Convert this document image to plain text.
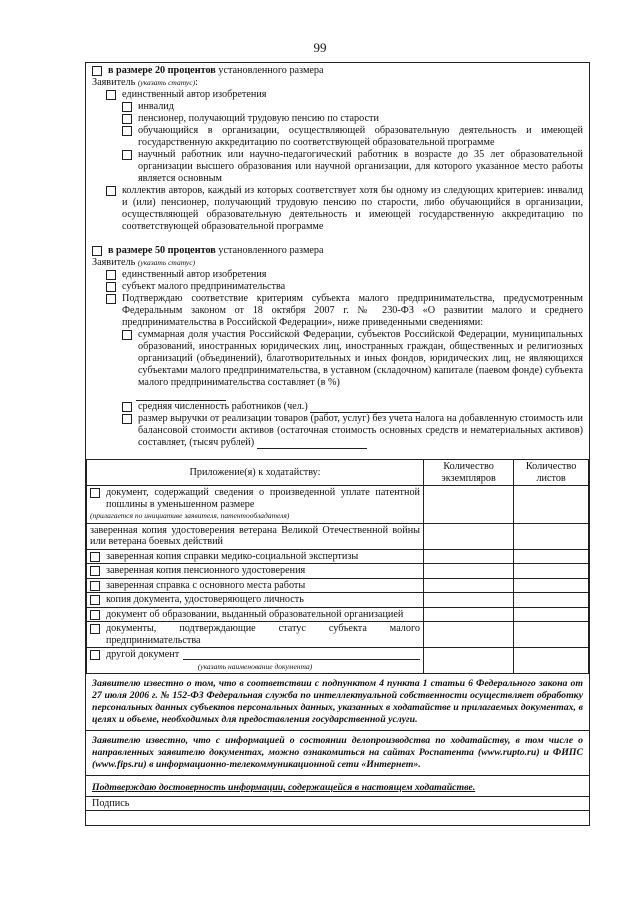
99
в размере 20 процентов установленного размера
Заявитель (указать статус):
единственный автор изобретения
инвалид
пенсионер, получающий трудовую пенсию по старости
обучающийся в организации, осуществляющей образовательную деятельность и имеющей государственную аккредитацию по соответствующей образовательной программе
научный работник или научно-педагогический работник в возрасте до 35 лет образовательной организации высшего образования или научной организации, для которого указанное место работы является основным
коллектив авторов, каждый из которых соответствует хотя бы одному из следующих критериев: инвалид и (или) пенсионер, получающий трудовую пенсию по старости, либо обучающийся в организации, осуществляющей образовательную деятельность и имеющей государственную аккредитацию по соответствующей образовательной программе
в размере 50 процентов установленного размера
Заявитель (указать статус)
единственный автор изобретения
субъект малого предпринимательства
Подтверждаю соответствие критериям субъекта малого предпринимательства, предусмотренным Федеральным законом от 18 октября 2007 г. № 230-ФЗ «О развитии малого и среднего предпринимательства в Российской Федерации», ниже приведенными сведениями:
суммарная доля участия Российской Федерации, субъектов Российской Федерации, муниципальных образований, иностранных юридических лиц, иностранных граждан, общественных и религиозных организаций (объединений), благотворительных и иных фондов, юридических лиц, не являющихся субъектами малого предпринимательства, в уставном (складочном) капитале (паевом фонде) субъекта малого предпринимательства составляет (в %)
средняя численность работников (чел.)
размер выручки от реализации товаров (работ, услуг) без учета налога на добавленную стоимость или балансовой стоимости активов (остаточная стоимость основных средств и нематериальных активов) составляет, (тысяч рублей)
Приложение(я) к ходатайству:	Количество экземпляров	Количество листов

документ, содержащий сведения о произведенной уплате патентной пошлины в уменьшенном размере
(прилагается по инициативе заявителя, патентообладателя)		

заверенная копия удостоверения ветерана Великой Отечественной войны или ветерана боевых действий		

заверенная копия справки медико-социальной экспертизы		

заверенная копия пенсионного удостоверения		

заверенная справка с основного места работы		

копия документа, удостоверяющего личность		

документ об образовании, выданный образовательной организацией		

документы, подтверждающие статус субъекта малого предпринимательства		

другой документ
(указать наименование документа)		

Заявителю известно о том, что в соответствии с подпунктом 4 пункта 1 статьи 6 Федерального закона от 27 июля 2006 г. № 152-ФЗ Федеральная служба по интеллектуальной собственности осуществляет обработку персональных данных субъектов персональных данных, указанных в ходатайстве и прилагаемых документах, в целях и объеме, необходимых для предоставления государственной услуги.
Заявителю известно, что с информацией о состоянии делопроизводства по ходатайству, в том числе о направленных заявителю документах, можно ознакомиться на сайтах Роспатента (www.rupto.ru) и ФИПС (www.fips.ru) в информационно-телекоммуникационной сети «Интернет».
Подтверждаю достоверность информации, содержащейся в настоящем ходатайстве.
Подпись
